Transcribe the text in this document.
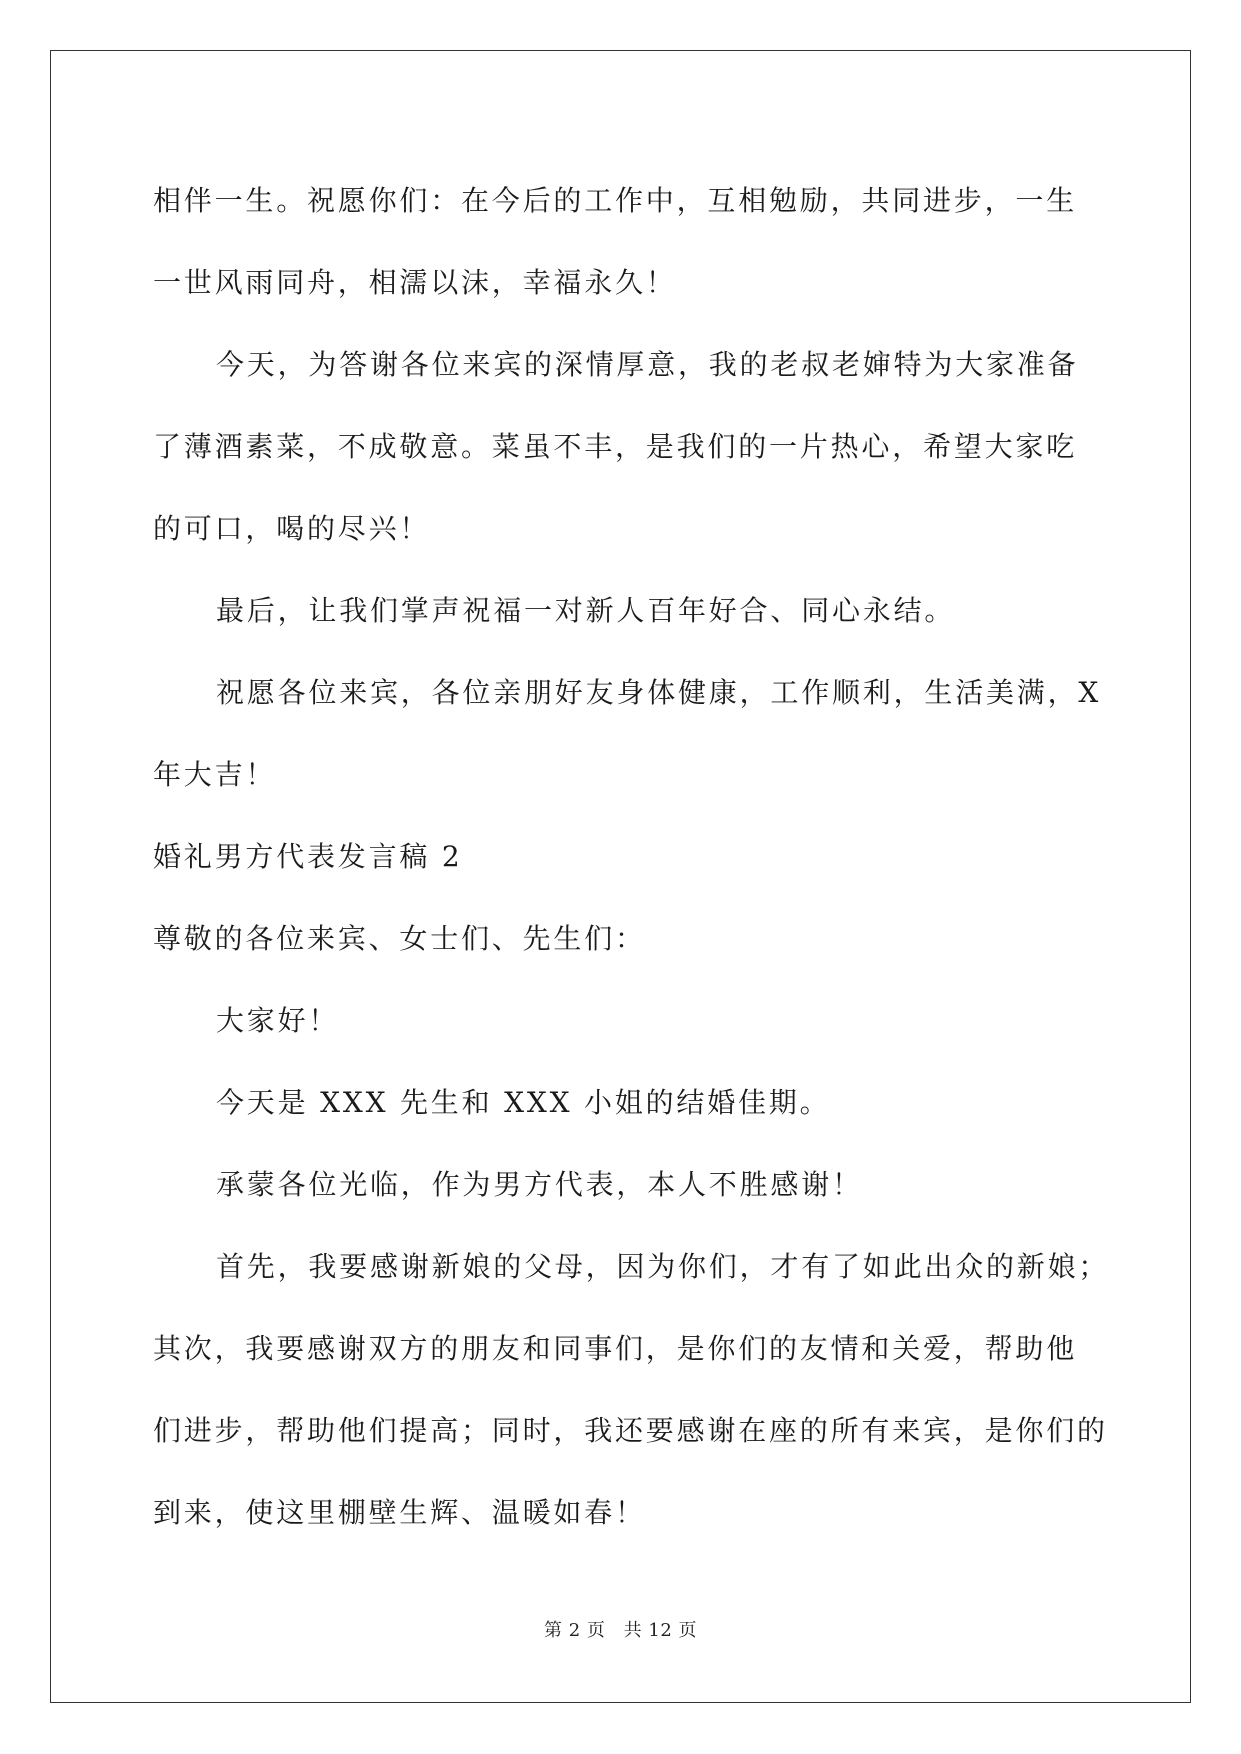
相伴一生。祝愿你们：在今后的工作中，互相勉励，共同进步，一生
一世风雨同舟，相濡以沫，幸福永久！
今天，为答谢各位来宾的深情厚意，我的老叔老婶特为大家准备
了薄酒素菜，不成敬意。菜虽不丰，是我们的一片热心，希望大家吃
的可口，喝的尽兴！
最后，让我们掌声祝福一对新人百年好合、同心永结。
祝愿各位来宾，各位亲朋好友身体健康，工作顺利，生活美满，X
年大吉！
婚礼男方代表发言稿 2
尊敬的各位来宾、女士们、先生们：
大家好！
今天是 XXX 先生和 XXX 小姐的结婚佳期。
承蒙各位光临，作为男方代表，本人不胜感谢！
首先，我要感谢新娘的父母，因为你们，才有了如此出众的新娘；
其次，我要感谢双方的朋友和同事们，是你们的友情和关爱，帮助他
们进步，帮助他们提高；同时，我还要感谢在座的所有来宾，是你们的
到来，使这里棚壁生辉、温暖如春！
第 2 页 共 12 页
